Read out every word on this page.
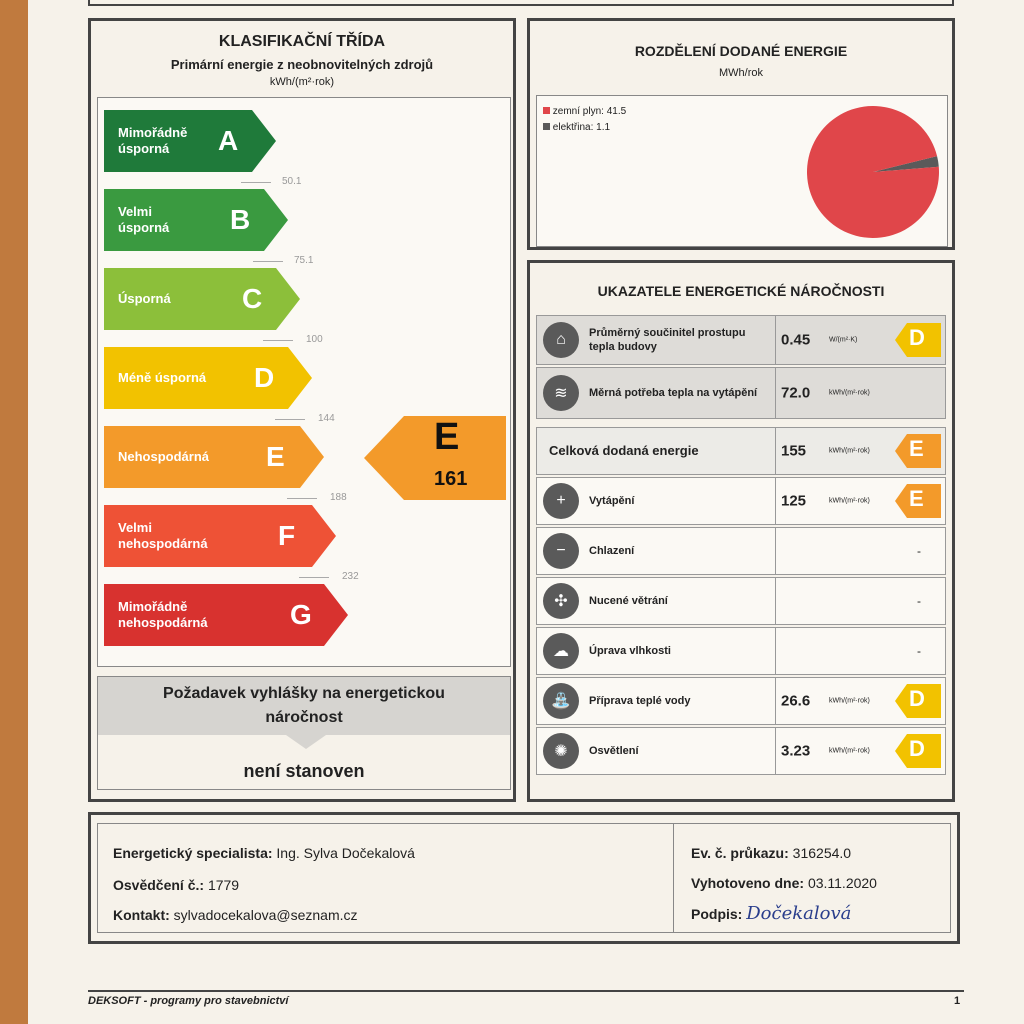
KLASIFIKAČNÍ TŘÍDA
Primární energie z neobnovitelných zdrojů
kWh/(m²·rok)
Mimořádně
úsporná A
50.1
Velmi
úsporná B
75.1
Úsporná	C
100
Méně úsporná D
144
Nehospodárná E
188
Velmi
nehospodárná	F
232
Mimořádně
nehospodárná	G
E
161
Požadavek vyhlášky na energetickou
náročnost
není stanoven
ROZDĚLENÍ DODANÉ ENERGIE
MWh/rok
zemní plyn: 41.5
elektřina: 1.1
UKAZATELE ENERGETICKÉ NÁROČNOSTI
⌂	Průměrný součinitel prostupu tepla budovy	0.45	W/(m²·K) D
≋	Měrná potřeba tepla na vytápění	72.0	kWh/(m²·rok)
Celková dodaná energie	155	kWh/(m²·rok) E
+	Vytápění	125	kWh/(m²·rok) E
−	Chlazení	-
✣	Nucené větrání	-
☁	Úprava vlhkosti	-
⛲	Příprava teplé vody	26.6	kWh/(m²·rok) D
✺	Osvětlení	3.23	kWh/(m²·rok) D
Energetický specialista: Ing. Sylva Dočekalová
Osvědčení č.: 1779
Kontakt: sylvadocekalova@seznam.cz
Ev. č. průkazu: 316254.0
Vyhotoveno dne: 03.11.2020
Podpis: Dočekalová
DEKSOFT - programy pro stavebnictví	1
